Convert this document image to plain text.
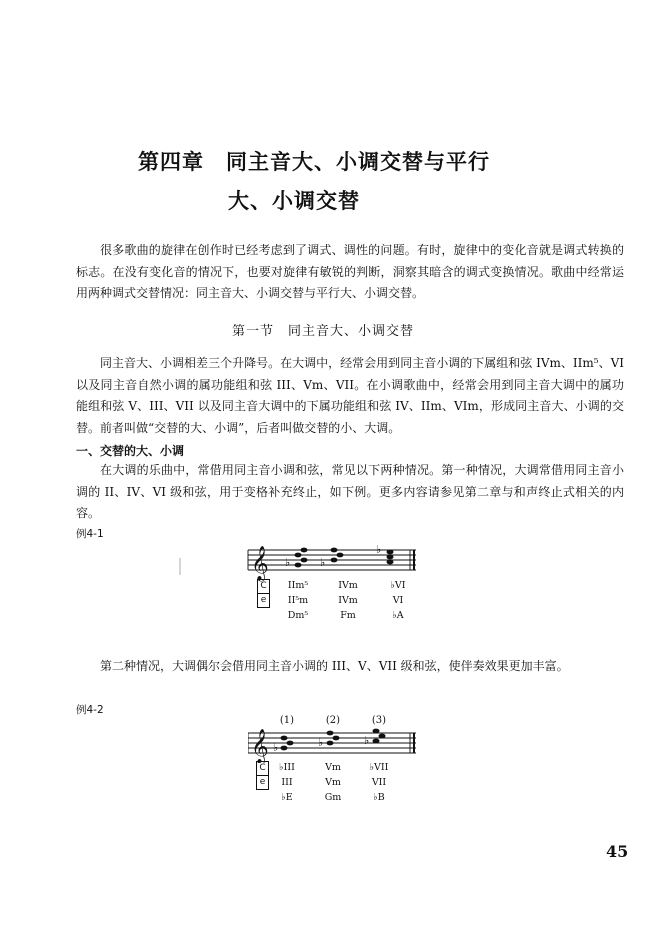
第四章　同主音大、小调交替与平行
大、小调交替

很多歌曲的旋律在创作时已经考虑到了调式、调性的问题。有时，旋律中的变化音就是调式转换的标志。在没有变化音的情况下，也要对旋律有敏锐的判断，洞察其暗含的调式变换情况。歌曲中经常运用两种调式交替情况：同主音大、小调交替与平行大、小调交替。

第一节　同主音大、小调交替

同主音大、小调相差三个升降号。在大调中，经常会用到同主音小调的下属组和弦 IVm、IIm⁵、VI 以及同主音自然小调的属功能组和弦 III、Vm、VII。在小调歌曲中，经常会用到同主音大调中的属功能组和弦 V、III、VII 以及同主音大调中的下属功能组和弦 IV、IIm、VIm，形成同主音大、小调的交替。前者叫做“交替的大、小调”，后者叫做交替的小、大调。

一、交替的大、小调

在大调的乐曲中，常借用同主音小调和弦，常见以下两种情况。第一种情况，大调常借用同主音小调的 II、IV、VI 级和弦，用于变格补充终止，如下例。更多内容请参见第二章与和声终止式相关的内容。

例4-1
𝄞 ♭	♭
♭
C
e
IIm⁵	IVm	♭VI
II⁵m	IVm	VI
Dm⁵	Fm	♭A

第二种情况，大调偶尔会借用同主音小调的 III、V、VII 级和弦，使伴奏效果更加丰富。

例4-2
(1)	(2)	(3)
𝄞 ♭	♭	♭
C
e
♭III	Vm	♭VII
III	Vm	VII
♭E	Gm	♭B
45
